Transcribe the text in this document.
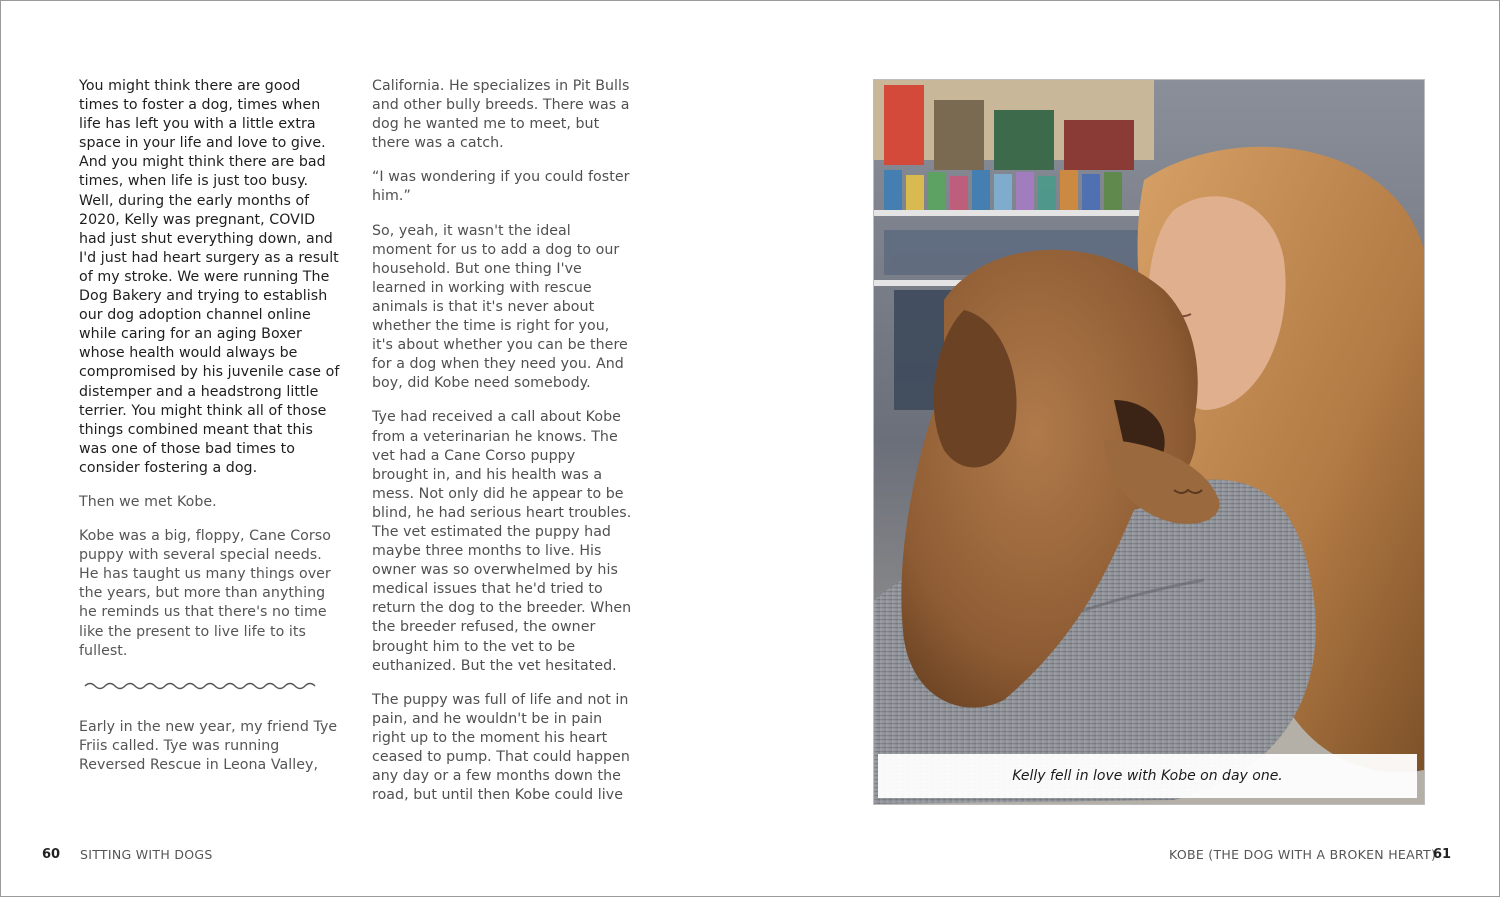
You might think there are good times to foster a dog, times when life has left you with a little extra space in your life and love to give. And you might think there are bad times, when life is just too busy. Well, during the early months of 2020, Kelly was pregnant, COVID had just shut everything down, and I'd just had heart surgery as a result of my stroke. We were running The Dog Bakery and trying to establish our dog adoption channel online while caring for an aging Boxer whose health would always be compromised by his juvenile case of distemper and a headstrong little terrier. You might think all of those things combined meant that this was one of those bad times to consider fostering a dog.

Then we met Kobe.

Kobe was a big, floppy, Cane Corso puppy with several special needs. He has taught us many things over the years, but more than anything he reminds us that there's no time like the present to live life to its fullest.

Early in the new year, my friend Tye Friis called. Tye was running Reversed Rescue in Leona Valley,

California. He specializes in Pit Bulls and other bully breeds. There was a dog he wanted me to meet, but there was a catch.

“I was wondering if you could foster him.”

So, yeah, it wasn't the ideal moment for us to add a dog to our household. But one thing I've learned in working with rescue animals is that it's never about whether the time is right for you, it's about whether you can be there for a dog when they need you. And boy, did Kobe need somebody.

Tye had received a call about Kobe from a veterinarian he knows. The vet had a Cane Corso puppy brought in, and his health was a mess. Not only did he appear to be blind, he had serious heart troubles. The vet estimated the puppy had maybe three months to live. His owner was so overwhelmed by his medical issues that he'd tried to return the dog to the breeder. When the breeder refused, the owner brought him to the vet to be euthanized. But the vet hesitated.

The puppy was full of life and not in pain, and he wouldn't be in pain right up to the moment his heart ceased to pump. That could happen any day or a few months down the road, but until then Kobe could live

Kelly fell in love with Kobe on day one.
60 SITTING WITH DOGS	KOBE (THE DOG WITH A BROKEN HEART)
61
